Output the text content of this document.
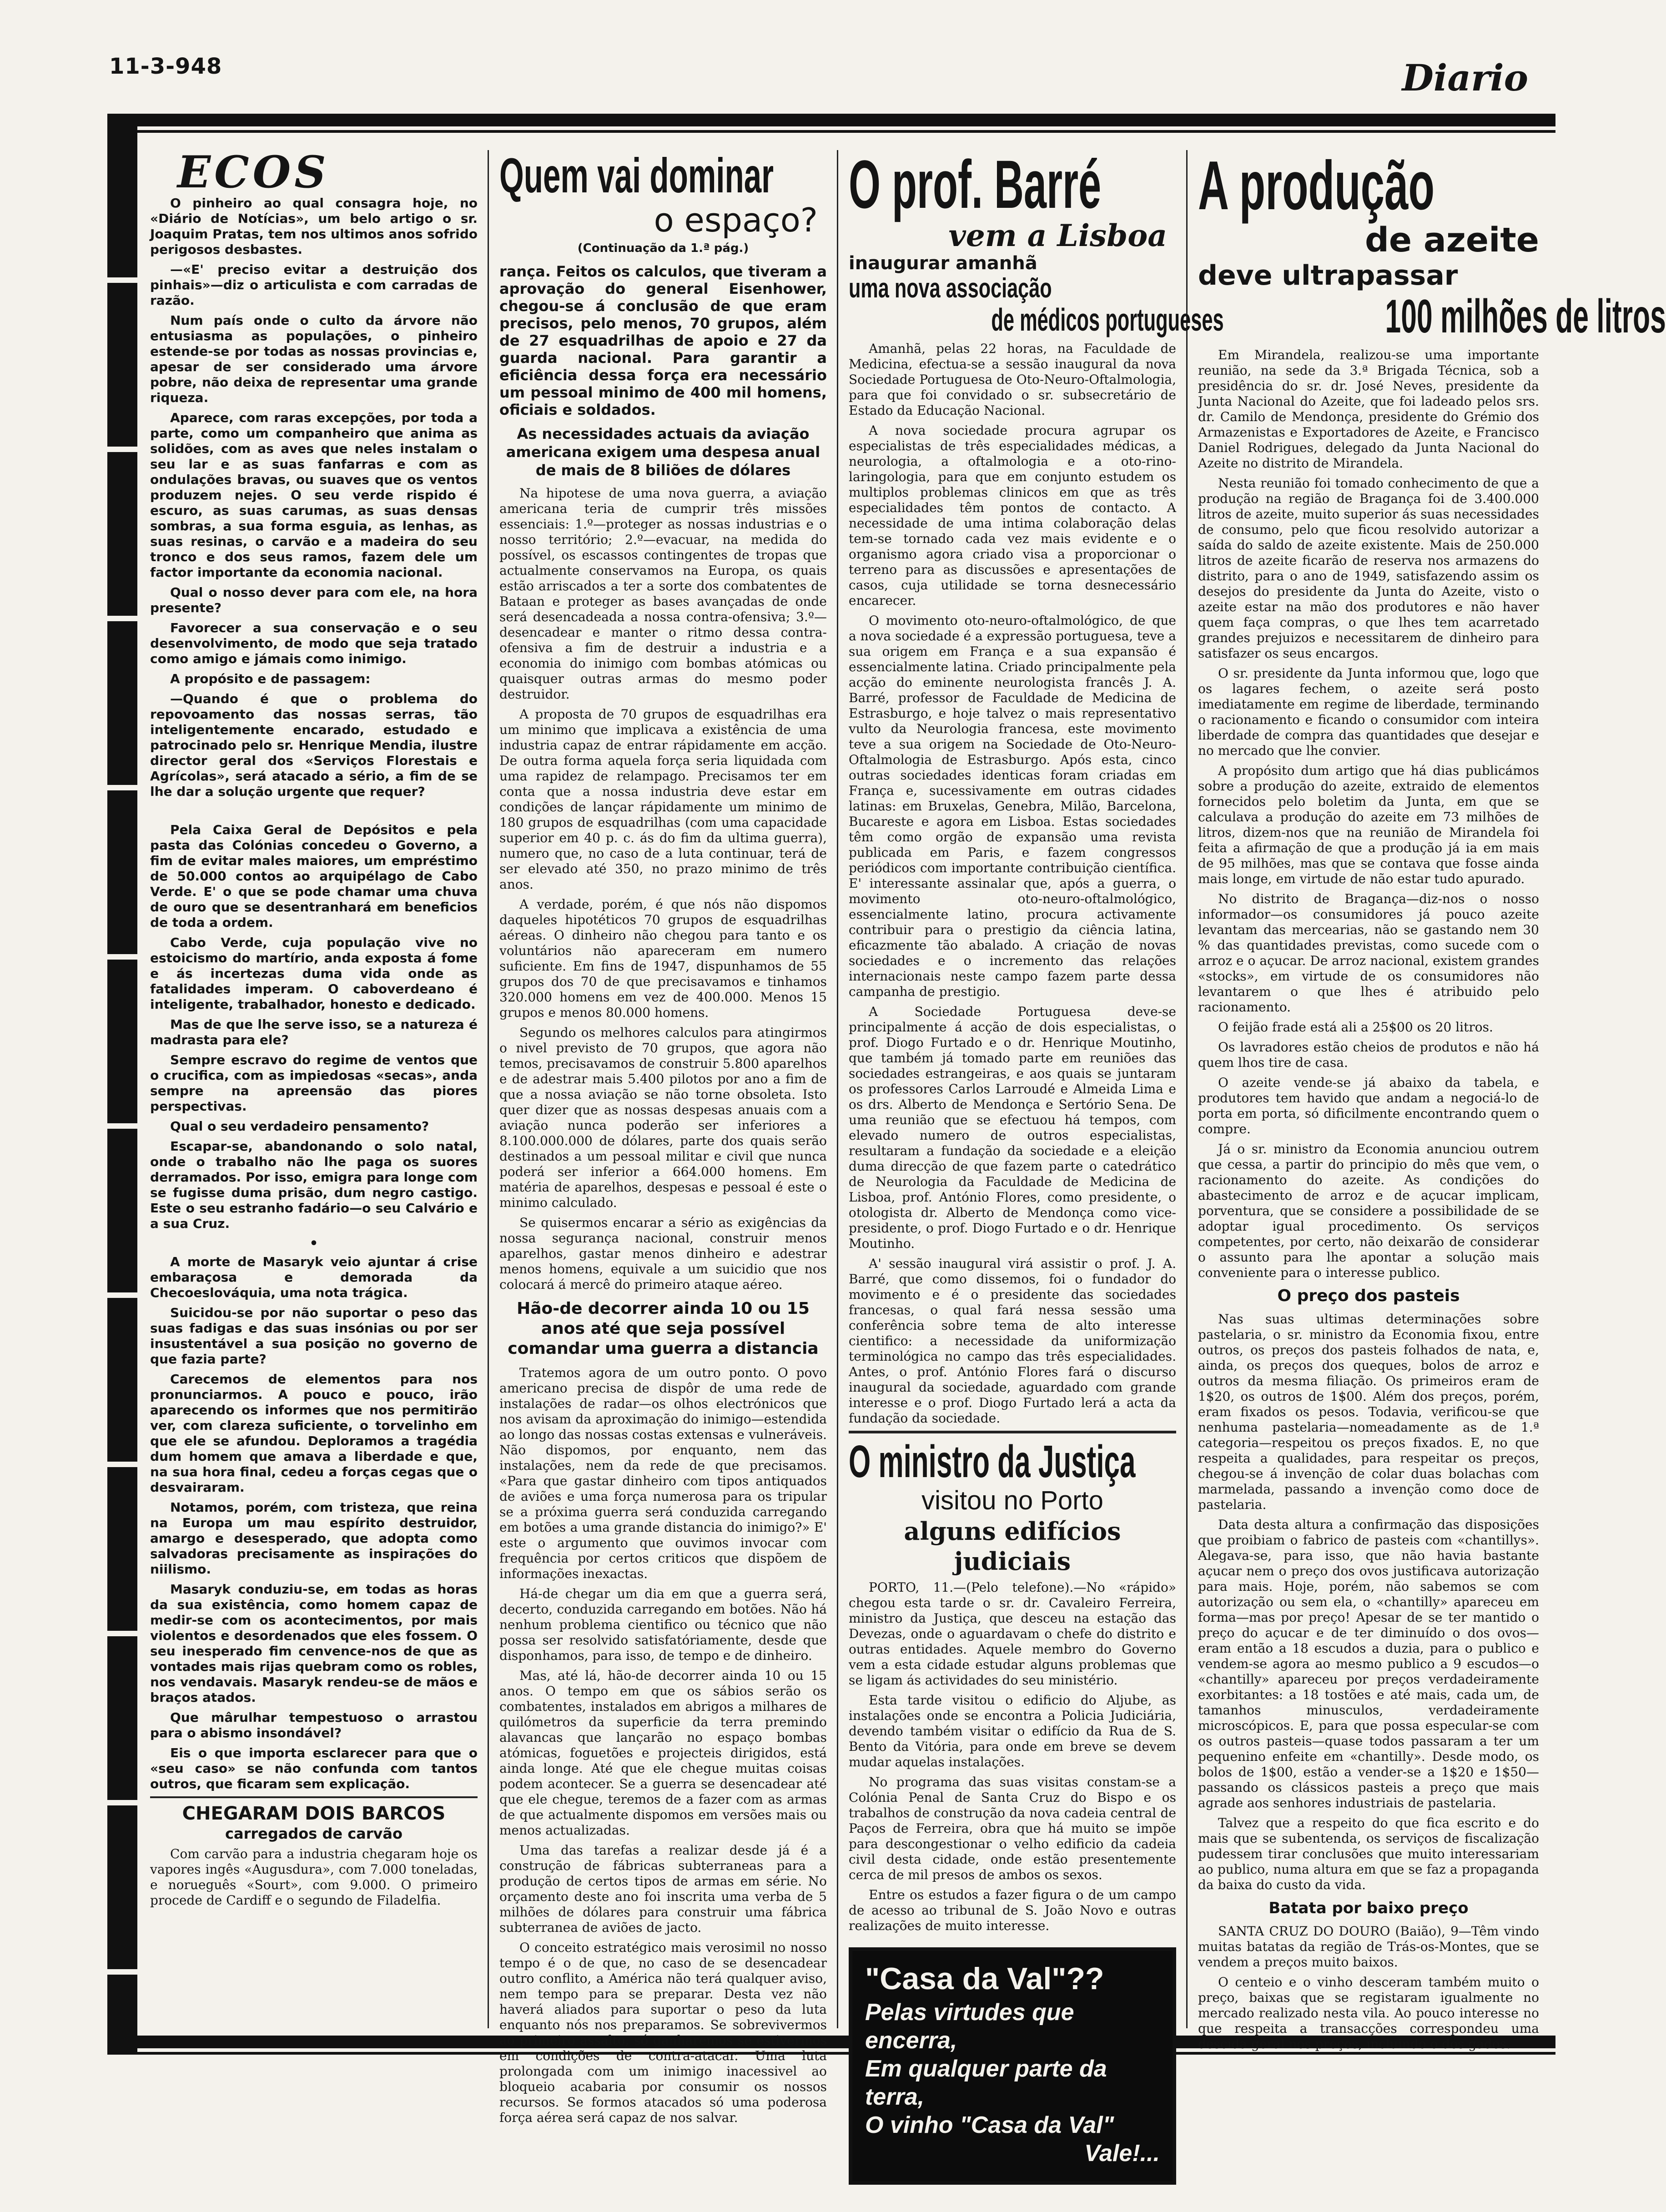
11-3-948	Diario
ECOS

O pinheiro ao qual consagra hoje, no «Diário de Notícias», um belo artigo o sr. Joaquim Pratas, tem nos ultimos anos sofrido perigosos desbastes.

—«E' preciso evitar a destruição dos pinhais»—diz o articulista e com carradas de razão.

Num país onde o culto da árvore não entusiasma as populações, o pinheiro estende-se por todas as nossas provincias e, apesar de ser considerado uma árvore pobre, não deixa de representar uma grande riqueza.

Aparece, com raras excepções, por toda a parte, como um companheiro que anima as solidões, com as aves que neles instalam o seu lar e as suas fanfarras e com as ondulações bravas, ou suaves que os ventos produzem nejes. O seu verde rispido é escuro, as suas carumas, as suas densas sombras, a sua forma esguia, as lenhas, as suas resinas, o carvão e a madeira do seu tronco e dos seus ramos, fazem dele um factor importante da economia nacional.

Qual o nosso dever para com ele, na hora presente?

Favorecer a sua conservação e o seu desenvolvimento, de modo que seja tratado como amigo e jámais como inimigo.

A propósito e de passagem:

—Quando é que o problema do repovoamento das nossas serras, tão inteligentemente encarado, estudado e patrocinado pelo sr. Henrique Mendia, ilustre director geral dos «Serviços Florestais e Agrícolas», será atacado a sério, a fim de se lhe dar a solução urgente que requer?

Pela Caixa Geral de Depósitos e pela pasta das Colónias concedeu o Governo, a fim de evitar males maiores, um empréstimo de 50.000 contos ao arquipélago de Cabo Verde. E' o que se pode chamar uma chuva de ouro que se desentranhará em beneficios de toda a ordem.

Cabo Verde, cuja população vive no estoicismo do martírio, anda exposta á fome e ás incertezas duma vida onde as fatalidades imperam. O caboverdeano é inteligente, trabalhador, honesto e dedicado.

Mas de que lhe serve isso, se a natureza é madrasta para ele?

Sempre escravo do regime de ventos que o crucifica, com as impiedosas «secas», anda sempre na apreensão das piores perspectivas.

Qual o seu verdadeiro pensamento?

Escapar-se, abandonando o solo natal, onde o trabalho não lhe paga os suores derramados. Por isso, emigra para longe com se fugisse duma prisão, dum negro castigo. Este o seu estranho fadário—o seu Calvário e a sua Cruz.

•

A morte de Masaryk veio ajuntar á crise embaraçosa e demorada da Checoeslováquia, uma nota trágica.

Suicidou-se por não suportar o peso das suas fadigas e das suas insónias ou por ser insustentável a sua posição no governo de que fazia parte?

Carecemos de elementos para nos pronunciarmos. A pouco e pouco, irão aparecendo os informes que nos permitirão ver, com clareza suficiente, o torvelinho em que ele se afundou. Deploramos a tragédia dum homem que amava a liberdade e que, na sua hora final, cedeu a forças cegas que o desvairaram.

Notamos, porém, com tristeza, que reina na Europa um mau espírito destruidor, amargo e desesperado, que adopta como salvadoras precisamente as inspirações do niilismo.

Masaryk conduziu-se, em todas as horas da sua existência, como homem capaz de medir-se com os acontecimentos, por mais violentos e desordenados que eles fossem. O seu inesperado fim cenvence-nos de que as vontades mais rijas quebram como os robles, nos vendavais. Masaryk rendeu-se de mãos e braços atados.

Que mârulhar tempestuoso o arrastou para o abismo insondável?

Eis o que importa esclarecer para que o «seu caso» se não confunda com tantos outros, que ficaram sem explicação.

CHEGARAM DOIS BARCOS
carregados de carvão

Com carvão para a industria chegaram hoje os vapores ingês «Augusdura», com 7.000 toneladas, e norueguês «Sourt», com 9.000. O primeiro procede de Cardiff e o segundo de Filadelfia.

Quem vai dominar
o espaço?
(Continuação da 1.ª pág.)

rança. Feitos os calculos, que tiveram a aprovação do general Eisenhower, chegou-se á conclusão de que eram precisos, pelo menos, 70 grupos, além de 27 esquadrilhas de apoio e 27 da guarda nacional. Para garantir a eficiência dessa força era necessário um pessoal minimo de 400 mil homens, oficiais e soldados.

As necessidades actuais da aviação americana exigem uma despesa anual de mais de 8 biliões de dólares

Na hipotese de uma nova guerra, a aviação americana teria de cumprir três missões essenciais: 1.º—proteger as nossas industrias e o nosso território; 2.º—evacuar, na medida do possível, os escassos contingentes de tropas que actualmente conservamos na Europa, os quais estão arriscados a ter a sorte dos combatentes de Bataan e proteger as bases avançadas de onde será desencadeada a nossa contra-ofensiva; 3.º—desencadear e manter o ritmo dessa contra-ofensiva a fim de destruir a industria e a economia do inimigo com bombas atómicas ou quaisquer outras armas do mesmo poder destruidor.

A proposta de 70 grupos de esquadrilhas era um minimo que implicava a existência de uma industria capaz de entrar rápidamente em acção. De outra forma aquela força seria liquidada com uma rapidez de relampago. Precisamos ter em conta que a nossa industria deve estar em condições de lançar rápidamente um minimo de 180 grupos de esquadrilhas (com uma capacidade superior em 40 p. c. ás do fim da ultima guerra), numero que, no caso de a luta continuar, terá de ser elevado até 350, no prazo minimo de três anos.

A verdade, porém, é que nós não dispomos daqueles hipotéticos 70 grupos de esquadrilhas aéreas. O dinheiro não chegou para tanto e os voluntários não apareceram em numero suficiente. Em fins de 1947, dispunhamos de 55 grupos dos 70 de que precisavamos e tinhamos 320.000 homens em vez de 400.000. Menos 15 grupos e menos 80.000 homens.

Segundo os melhores calculos para atingirmos o nivel previsto de 70 grupos, que agora não temos, precisavamos de construir 5.800 aparelhos e de adestrar mais 5.400 pilotos por ano a fim de que a nossa aviação se não torne obsoleta. Isto quer dizer que as nossas despesas anuais com a aviação nunca poderão ser inferiores a 8.100.000.000 de dólares, parte dos quais serão destinados a um pessoal militar e civil que nunca poderá ser inferior a 664.000 homens. Em matéria de aparelhos, despesas e pessoal é este o minimo calculado.

Se quisermos encarar a sério as exigências da nossa segurança nacional, construir menos aparelhos, gastar menos dinheiro e adestrar menos homens, equivale a um suicidio que nos colocará á mercê do primeiro ataque aéreo.

Hão-de decorrer ainda 10 ou 15 anos até que seja possível comandar uma guerra a distancia

Tratemos agora de um outro ponto. O povo americano precisa de dispôr de uma rede de instalações de radar—os olhos electrónicos que nos avisam da aproximação do inimigo—estendida ao longo das nossas costas extensas e vulneráveis. Não dispomos, por enquanto, nem das instalações, nem da rede de que precisamos. «Para que gastar dinheiro com tipos antiquados de aviões e uma força numerosa para os tripular se a próxima guerra será conduzida carregando em botões a uma grande distancia do inimigo?» E' este o argumento que ouvimos invocar com frequência por certos criticos que dispõem de informações inexactas.

Há-de chegar um dia em que a guerra será, decerto, conduzida carregando em botões. Não há nenhum problema cientifico ou técnico que não possa ser resolvido satisfatóriamente, desde que disponhamos, para isso, de tempo e de dinheiro.

Mas, até lá, hão-de decorrer ainda 10 ou 15 anos. O tempo em que os sábios serão os combatentes, instalados em abrigos a milhares de quilómetros da superficie da terra premindo alavancas que lançarão no espaço bombas atómicas, foguetões e projecteis dirigidos, está ainda longe. Até que ele chegue muitas coisas podem acontecer. Se a guerra se desencadear até que ele chegue, teremos de a fazer com as armas de que actualmente dispomos em versões mais ou menos actualizadas.

Uma das tarefas a realizar desde já é a construção de fábricas subterraneas para a produção de certos tipos de armas em série. No orçamento deste ano foi inscrita uma verba de 5 milhões de dólares para construir uma fábrica subterranea de aviões de jacto.

O conceito estratégico mais verosimil no nosso tempo é o de que, no caso de se desencadear outro conflito, a América não terá qualquer aviso, nem tempo para se preparar. Desta vez não haverá aliados para suportar o peso da luta enquanto nós nos preparamos. Se sobrevivermos ao primeiro assalto, só ganharemos se estivermos em condições de contra-atacar. Uma luta prolongada com um inimigo inacessivel ao bloqueio acabaria por consumir os nossos recursos. Se formos atacados só uma poderosa força aérea será capaz de nos salvar.

O prof. Barré
vem a Lisboa
inaugurar amanhã
uma nova associação
de médicos portugueses

Amanhã, pelas 22 horas, na Faculdade de Medicina, efectua-se a sessão inaugural da nova Sociedade Portuguesa de Oto-Neuro-Oftalmologia, para que foi convidado o sr. subsecretário de Estado da Educação Nacional.

A nova sociedade procura agrupar os especialistas de três especialidades médicas, a neurologia, a oftalmologia e a oto-rino-laringologia, para que em conjunto estudem os multiplos problemas clinicos em que as três especialidades têm pontos de contacto. A necessidade de uma intima colaboração delas tem-se tornado cada vez mais evidente e o organismo agora criado visa a proporcionar o terreno para as discussões e apresentações de casos, cuja utilidade se torna desnecessário encarecer.

O movimento oto-neuro-oftalmológico, de que a nova sociedade é a expressão portuguesa, teve a sua origem em França e a sua expansão é essencialmente latina. Criado principalmente pela acção do eminente neurologista francês J. A. Barré, professor de Faculdade de Medicina de Estrasburgo, e hoje talvez o mais representativo vulto da Neurologia francesa, este movimento teve a sua origem na Sociedade de Oto-Neuro-Oftalmologia de Estrasburgo. Após esta, cinco outras sociedades identicas foram criadas em França e, sucessivamente em outras cidades latinas: em Bruxelas, Genebra, Milão, Barcelona, Bucareste e agora em Lisboa. Estas sociedades têm como orgão de expansão uma revista publicada em Paris, e fazem congressos periódicos com importante contribuição científica. E' interessante assinalar que, após a guerra, o movimento oto-neuro-oftalmológico, essencialmente latino, procura activamente contribuir para o prestigio da ciência latina, eficazmente tão abalado. A criação de novas sociedades e o incremento das relações internacionais neste campo fazem parte dessa campanha de prestigio.

A Sociedade Portuguesa deve-se principalmente á acção de dois especialistas, o prof. Diogo Furtado e o dr. Henrique Moutinho, que também já tomado parte em reuniões das sociedades estrangeiras, e aos quais se juntaram os professores Carlos Larroudé e Almeida Lima e os drs. Alberto de Mendonça e Sertório Sena. De uma reunião que se efectuou há tempos, com elevado numero de outros especialistas, resultaram a fundação da sociedade e a eleição duma direcção de que fazem parte o catedrático de Neurologia da Faculdade de Medicina de Lisboa, prof. António Flores, como presidente, o otologista dr. Alberto de Mendonça como vice-presidente, o prof. Diogo Furtado e o dr. Henrique Moutinho.

A' sessão inaugural virá assistir o prof. J. A. Barré, que como dissemos, foi o fundador do movimento e é o presidente das sociedades francesas, o qual fará nessa sessão uma conferência sobre tema de alto interesse cientifico: a necessidade da uniformização terminológica no campo das três especialidades. Antes, o prof. António Flores fará o discurso inaugural da sociedade, aguardado com grande interesse e o prof. Diogo Furtado lerá a acta da fundação da sociedade.

O ministro da Justiça
visitou no Porto
alguns edifícios judiciais

PORTO, 11.—(Pelo telefone).—No «rápido» chegou esta tarde o sr. dr. Cavaleiro Ferreira, ministro da Justiça, que desceu na estação das Devezas, onde o aguardavam o chefe do distrito e outras entidades. Aquele membro do Governo vem a esta cidade estudar alguns problemas que se ligam ás actividades do seu ministério.

Esta tarde visitou o edificio do Aljube, as instalações onde se encontra a Policia Judiciária, devendo também visitar o edifício da Rua de S. Bento da Vitória, para onde em breve se devem mudar aquelas instalações.

No programa das suas visitas constam-se a Colónia Penal de Santa Cruz do Bispo e os trabalhos de construção da nova cadeia central de Paços de Ferreira, obra que há muito se impõe para descongestionar o velho edificio da cadeia civil desta cidade, onde estão presentemente cerca de mil presos de ambos os sexos.

Entre os estudos a fazer figura o de um campo de acesso ao tribunal de S. João Novo e outras realizações de muito interesse.

"Casa da Val"??
Pelas virtudes que encerra,
Em qualquer parte da terra,
O vinho "Casa da Val"
Vale!...
A produção
de azeite
deve ultrapassar
100 milhões de litros

Em Mirandela, realizou-se uma importante reunião, na sede da 3.ª Brigada Técnica, sob a presidência do sr. dr. José Neves, presidente da Junta Nacional do Azeite, que foi ladeado pelos srs. dr. Camilo de Mendonça, presidente do Grémio dos Armazenistas e Exportadores de Azeite, e Francisco Daniel Rodrigues, delegado da Junta Nacional do Azeite no distrito de Mirandela.

Nesta reunião foi tomado conhecimento de que a produção na região de Bragança foi de 3.400.000 litros de azeite, muito superior ás suas necessidades de consumo, pelo que ficou resolvido autorizar a saída do saldo de azeite existente. Mais de 250.000 litros de azeite ficarão de reserva nos armazens do distrito, para o ano de 1949, satisfazendo assim os desejos do presidente da Junta do Azeite, visto o azeite estar na mão dos produtores e não haver quem faça compras, o que lhes tem acarretado grandes prejuizos e necessitarem de dinheiro para satisfazer os seus encargos.

O sr. presidente da Junta informou que, logo que os lagares fechem, o azeite será posto imediatamente em regime de liberdade, terminando o racionamento e ficando o consumidor com inteira liberdade de compra das quantidades que desejar e no mercado que lhe convier.

A propósito dum artigo que há dias publicámos sobre a produção do azeite, extraido de elementos fornecidos pelo boletim da Junta, em que se calculava a produção do azeite em 73 milhões de litros, dizem-nos que na reunião de Mirandela foi feita a afirmação de que a produção já ia em mais de 95 milhões, mas que se contava que fosse ainda mais longe, em virtude de não estar tudo apurado.

No distrito de Bragança—diz-nos o nosso informador—os consumidores já pouco azeite levantam das mercearias, não se gastando nem 30 % das quantidades previstas, como sucede com o arroz e o açucar. De arroz nacional, existem grandes «stocks», em virtude de os consumidores não levantarem o que lhes é atribuido pelo racionamento.

O feijão frade está ali a 25$00 os 20 litros.

Os lavradores estão cheios de produtos e não há quem lhos tire de casa.

O azeite vende-se já abaixo da tabela, e produtores tem havido que andam a negociá-lo de porta em porta, só dificilmente encontrando quem o compre.

Já o sr. ministro da Economia anunciou outrem que cessa, a partir do principio do mês que vem, o racionamento do azeite. As condições do abastecimento de arroz e de açucar implicam, porventura, que se considere a possibilidade de se adoptar igual procedimento. Os serviços competentes, por certo, não deixarão de considerar o assunto para lhe apontar a solução mais conveniente para o interesse publico.

O preço dos pasteis

Nas suas ultimas determinações sobre pastelaria, o sr. ministro da Economia fixou, entre outros, os preços dos pasteis folhados de nata, e, ainda, os preços dos queques, bolos de arroz e outros da mesma filiação. Os primeiros eram de 1$20, os outros de 1$00. Além dos preços, porém, eram fixados os pesos. Todavia, verificou-se que nenhuma pastelaria—nomeadamente as de 1.ª categoria—respeitou os preços fixados. E, no que respeita a qualidades, para respeitar os preços, chegou-se á invenção de colar duas bolachas com marmelada, passando a invenção como doce de pastelaria.

Data desta altura a confirmação das disposições que proibiam o fabrico de pasteis com «chantillys». Alegava-se, para isso, que não havia bastante açucar nem o preço dos ovos justificava autorização para mais. Hoje, porém, não sabemos se com autorização ou sem ela, o «chantilly» apareceu em forma—mas por preço! Apesar de se ter mantido o preço do açucar e de ter diminuído o dos ovos—eram então a 18 escudos a duzia, para o publico e vendem-se agora ao mesmo publico a 9 escudos—o «chantilly» apareceu por preços verdadeiramente exorbitantes: a 18 tostões e até mais, cada um, de tamanhos minusculos, verdadeiramente microscópicos. E, para que possa especular-se com os outros pasteis—quase todos passaram a ter um pequenino enfeite em «chantilly». Desde modo, os bolos de 1$00, estão a vender-se a 1$20 e 1$50—passando os clássicos pasteis a preço que mais agrade aos senhores industriais de pastelaria.

Talvez que a respeito do que fica escrito e do mais que se subentenda, os serviços de fiscalização pudessem tirar conclusões que muito interessariam ao publico, numa altura em que se faz a propaganda da baixa do custo da vida.

Batata por baixo preço

SANTA CRUZ DO DOURO (Baião), 9—Têm vindo muitas batatas da região de Trás-os-Montes, que se vendem a preços muito baixos.

O centeio e o vinho desceram também muito o preço, baixas que se registaram igualmente no mercado realizado nesta vila. Ao pouco interesse no que respeita a transacções correspondeu uma descida geral nos preços, incluindo o dos gados.
